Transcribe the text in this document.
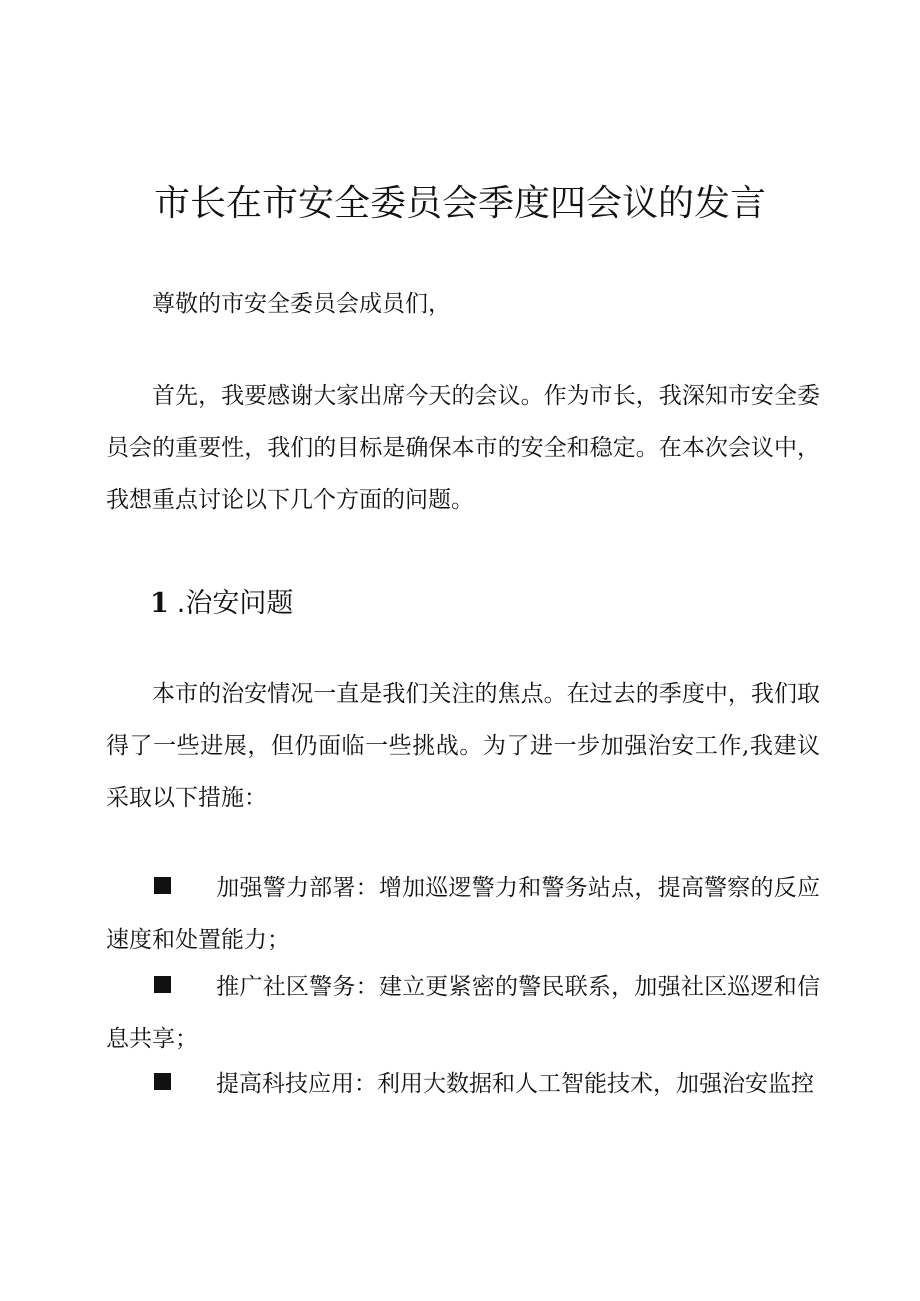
市长在市安全委员会季度四会议的发言

尊敬的市安全委员会成员们，

首先，我要感谢大家出席今天的会议。作为市长，我深知市安全委员会的重要性，我们的目标是确保本市的安全和稳定。在本次会议中，我想重点讨论以下几个方面的问题。

1 .治安问题

本市的治安情况一直是我们关注的焦点。在过去的季度中，我们取得了一些进展，但仍面临一些挑战。为了进一步加强治安工作,我建议采取以下措施：

加强警力部署：增加巡逻警力和警务站点，提高警察的反应速度和处置能力；

推广社区警务：建立更紧密的警民联系，加强社区巡逻和信息共享；

提高科技应用：利用大数据和人工智能技术，加强治安监控
